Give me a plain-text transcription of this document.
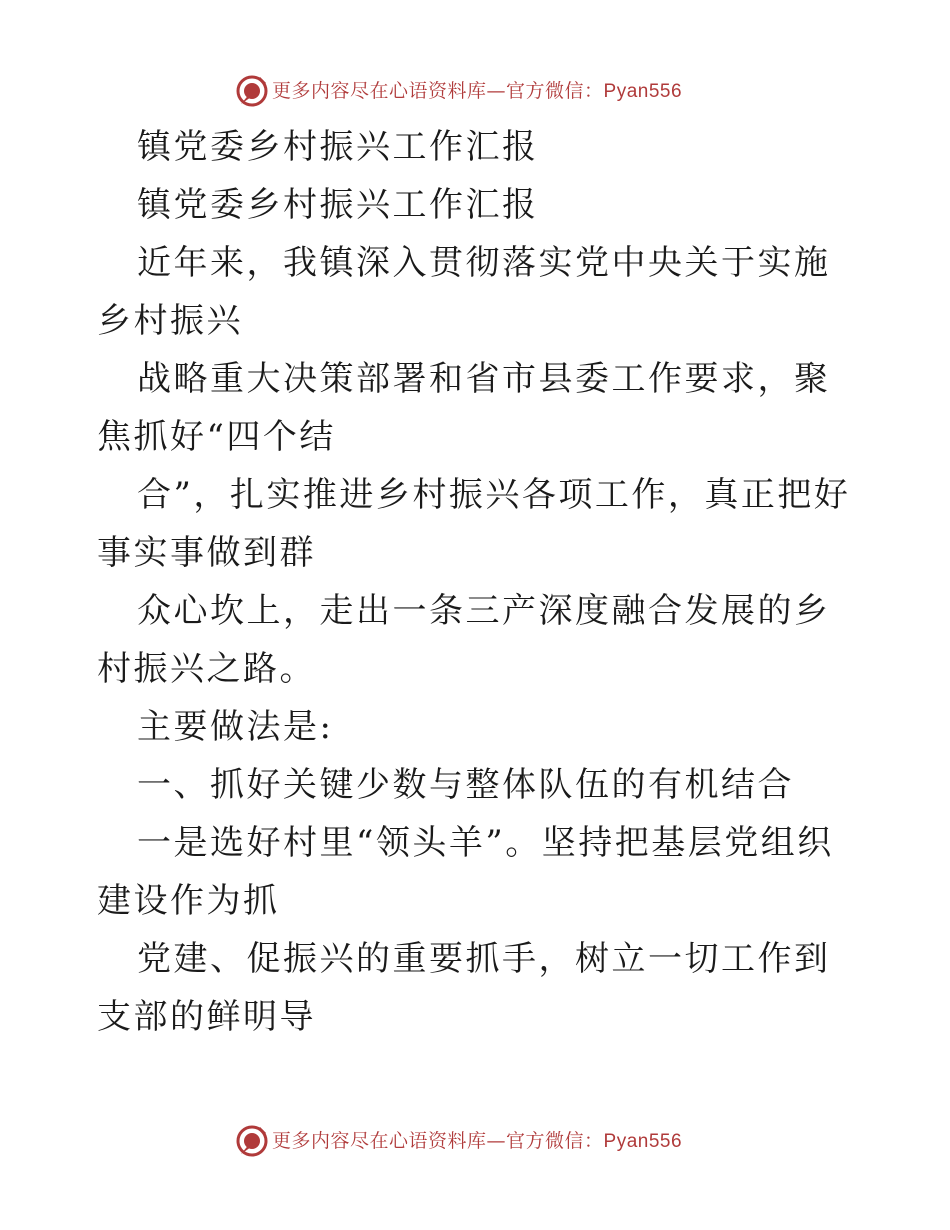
更多内容尽在心语资料库—官方微信：Pyan556

镇党委乡村振兴工作汇报

镇党委乡村振兴工作汇报

近年来，我镇深入贯彻落实党中央关于实施乡村振兴

战略重大决策部署和省市县委工作要求，聚焦抓好“四个结

合”，扎实推进乡村振兴各项工作，真正把好事实事做到群

众心坎上，走出一条三产深度融合发展的乡村振兴之路。

主要做法是:

一、抓好关键少数与整体队伍的有机结合

一是选好村里“领头羊”。坚持把基层党组织建设作为抓

党建、促振兴的重要抓手，树立一切工作到支部的鲜明导

更多内容尽在心语资料库—官方微信：Pyan556
